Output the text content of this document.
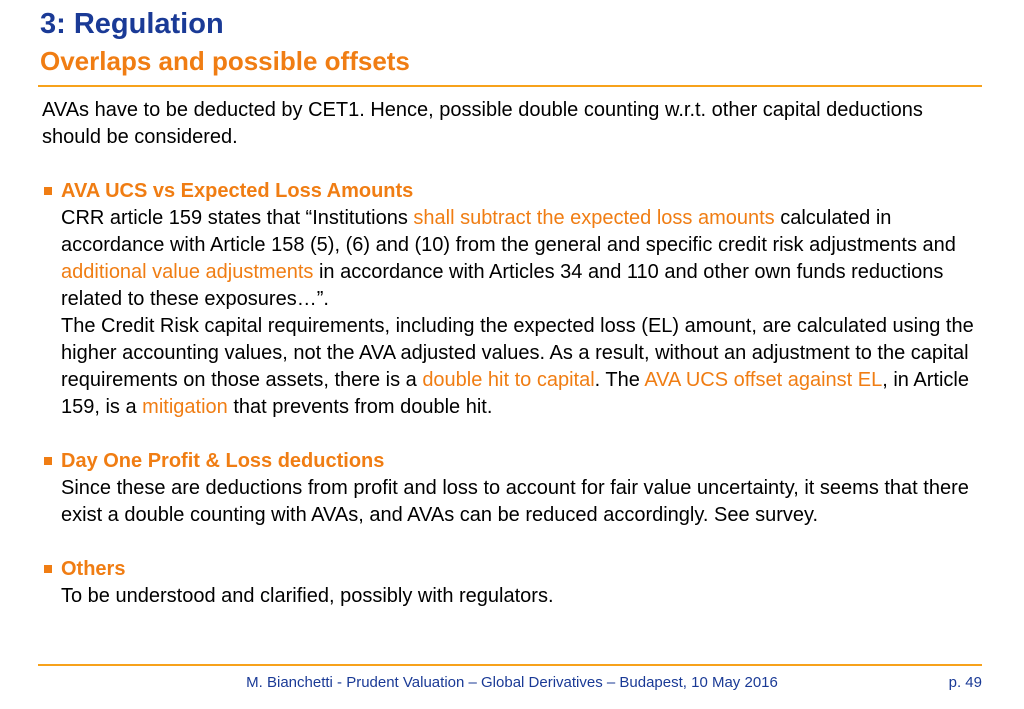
3: Regulation
Overlaps and possible offsets

AVAs have to be deducted by CET1. Hence, possible double counting w.r.t. other capital deductions should be considered.

AVA UCS vs Expected Loss Amounts
CRR article 159 states that “Institutions shall subtract the expected loss amounts calculated in accordance with Article 158 (5), (6) and (10) from the general and specific credit risk adjustments and additional value adjustments in accordance with Articles 34 and 110 and other own funds reductions related to these exposures…”.
The Credit Risk capital requirements, including the expected loss (EL) amount, are calculated using the higher accounting values, not the AVA adjusted values. As a result, without an adjustment to the capital requirements on those assets, there is a double hit to capital. The AVA UCS offset against EL, in Article 159, is a mitigation that prevents from double hit.
Day One Profit & Loss deductions
Since these are deductions from profit and loss to account for fair value uncertainty, it seems that there exist a double counting with AVAs, and AVAs can be reduced accordingly. See survey.
Others
To be understood and clarified, possibly with regulators.
M. Bianchetti - Prudent Valuation – Global Derivatives – Budapest, 10 May 2016	p. 49
